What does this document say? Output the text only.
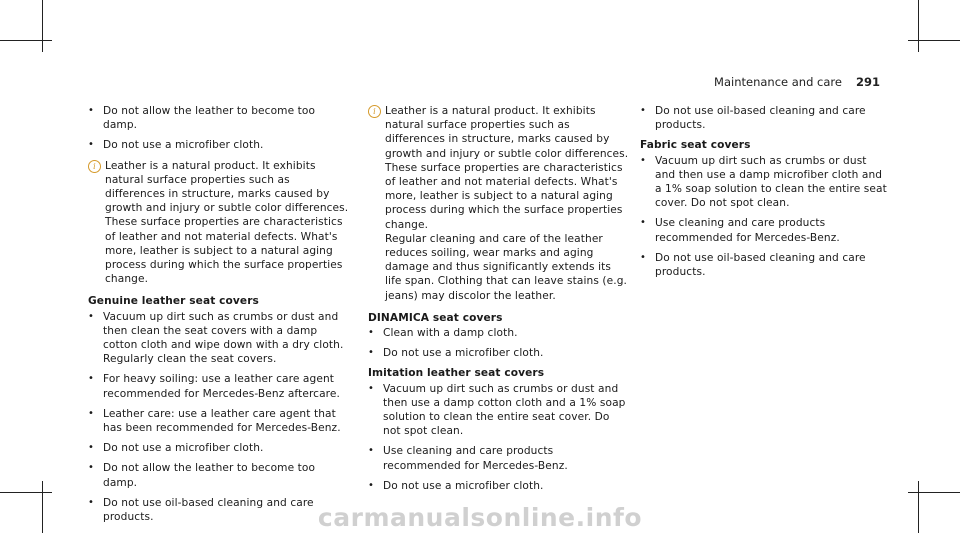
Maintenance and care 291
• Do not allow the leather to become too damp.
• Do not use a microfiber cloth.
i Leather is a natural product. It exhibits natural surface properties such as differences in structure, marks caused by growth and injury or subtle color differences. These surface properties are characteristics of leather and not material defects. What's more, leather is subject to a natural aging process during which the surface properties change.

Genuine leather seat covers
• Vacuum up dirt such as crumbs or dust and then clean the seat covers with a damp cotton cloth and wipe down with a dry cloth. Regularly clean the seat covers.
• For heavy soiling: use a leather care agent recommended for Mercedes-Benz aftercare.
• Leather care: use a leather care agent that has been recommended for Mercedes-Benz.
• Do not use a microfiber cloth.
• Do not allow the leather to become too damp.
• Do not use oil-based cleaning and care products.
i Leather is a natural product. It exhibits natural surface properties such as differences in structure, marks caused by growth and injury or subtle color differences. These surface properties are characteristics of leather and not material defects. What's more, leather is subject to a natural aging process during which the surface properties change.

Regular cleaning and care of the leather reduces soiling, wear marks and aging damage and thus significantly extends its life span. Clothing that can leave stains (e.g. jeans) may discolor the leather.

DINAMICA seat covers
• Clean with a damp cloth.
• Do not use a microfiber cloth.
Imitation leather seat covers
• Vacuum up dirt such as crumbs or dust and then use a damp cotton cloth and a 1% soap solution to clean the entire seat cover. Do not spot clean.
• Use cleaning and care products recommended for Mercedes-Benz.
• Do not use a microfiber cloth.
• Do not use oil-based cleaning and care products.
Fabric seat covers
• Vacuum up dirt such as crumbs or dust and then use a damp microfiber cloth and a 1% soap solution to clean the entire seat cover. Do not spot clean.
• Use cleaning and care products recommended for Mercedes-Benz.
• Do not use oil-based cleaning and care products.
carmanualsonline.info
